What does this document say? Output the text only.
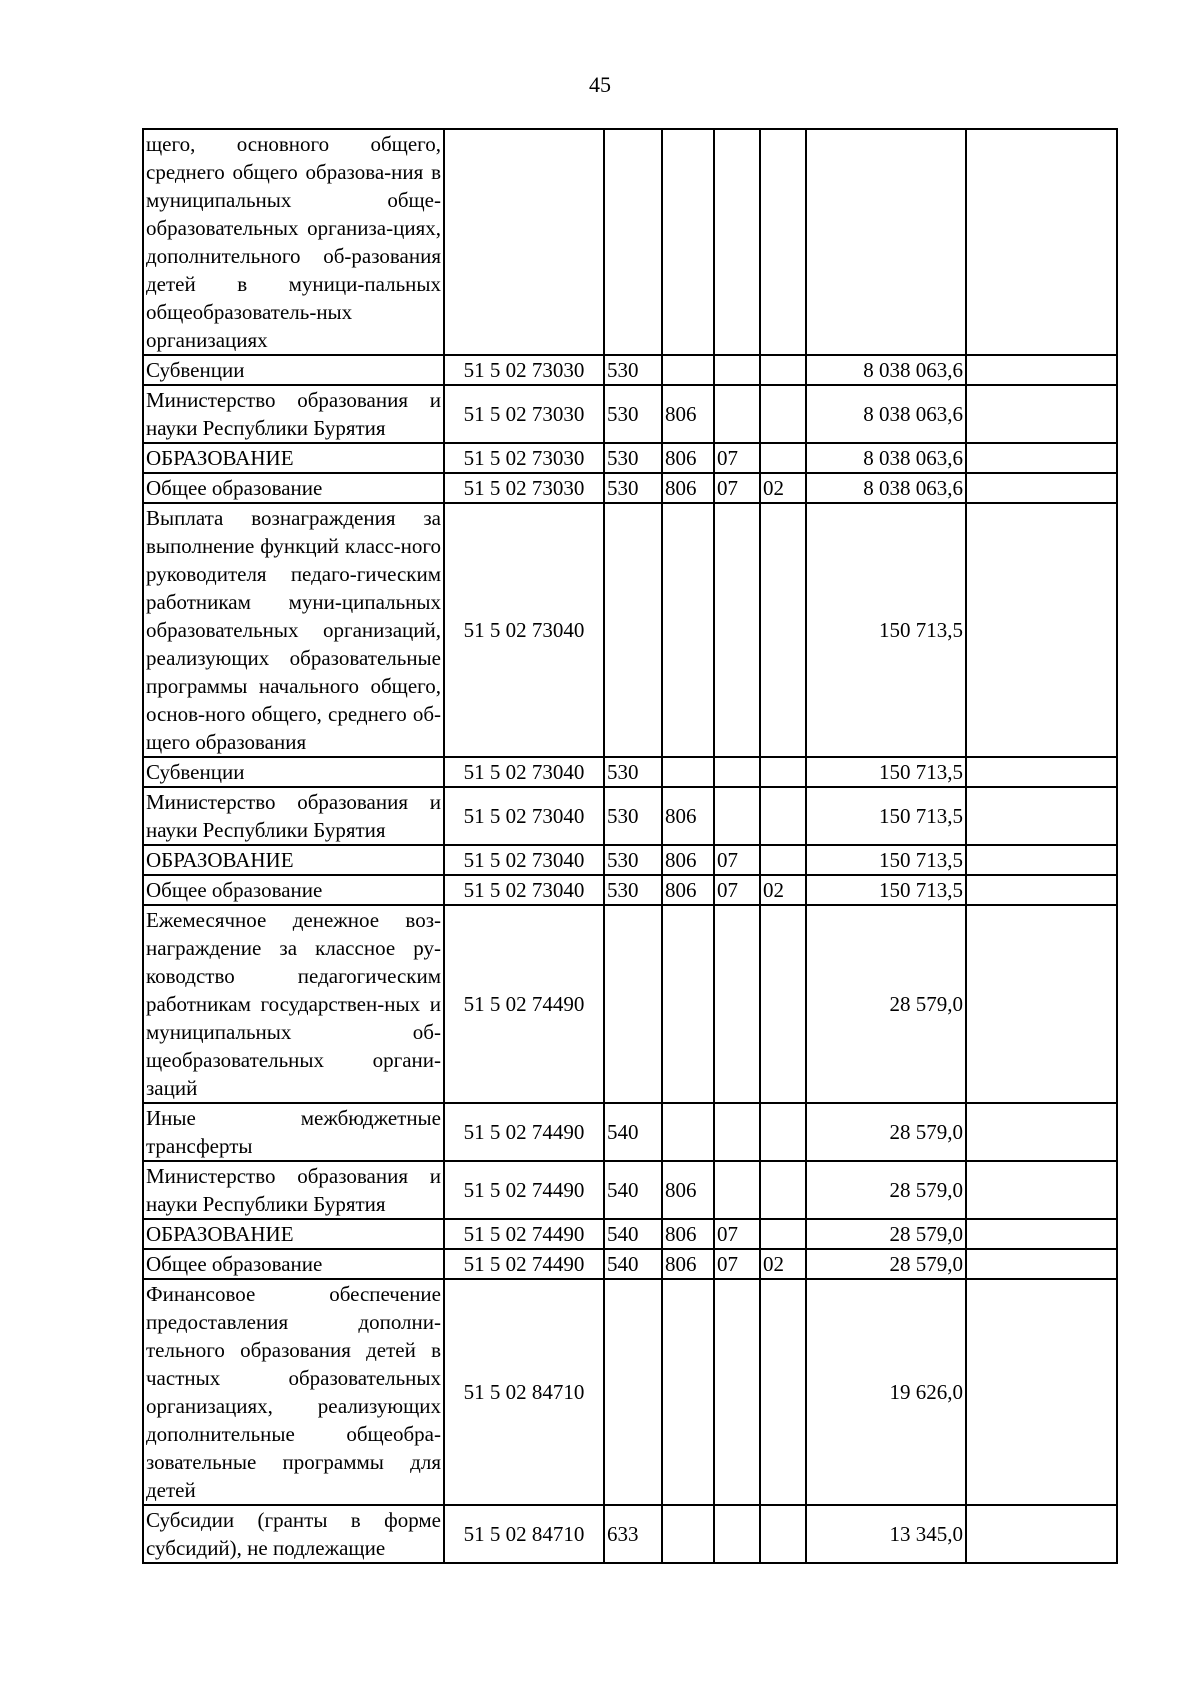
45
щего, основного общего, среднего общего образова-ния в муниципальных обще-образовательных организа-циях, дополнительного об-разования детей в муници-пальных общеобразователь-ных организациях							
Субвенции	51 5 02 73030	530				8 038 063,6	
Министерство образования и науки Республики Бурятия	51 5 02 73030	530	806			8 038 063,6	
ОБРАЗОВАНИЕ	51 5 02 73030	530	806	07		8 038 063,6	
Общее образование	51 5 02 73030	530	806	07	02	8 038 063,6	
Выплата вознаграждения за выполнение функций класс-ного руководителя педаго-гическим работникам муни-ципальных образовательных организаций, реализующих образовательные программы начального общего, основ-ного общего, среднего об-щего образования	51 5 02 73040					150 713,5	
Субвенции	51 5 02 73040	530				150 713,5	
Министерство образования и науки Республики Бурятия	51 5 02 73040	530	806			150 713,5	
ОБРАЗОВАНИЕ	51 5 02 73040	530	806	07		150 713,5	
Общее образование	51 5 02 73040	530	806	07	02	150 713,5	
Ежемесячное денежное воз-награждение за классное ру-ководство педагогическим работникам государствен-ных и муниципальных об-щеобразовательных органи-заций	51 5 02 74490					28 579,0	
Иные межбюджетные трансферты	51 5 02 74490	540				28 579,0	
Министерство образования и науки Республики Бурятия	51 5 02 74490	540	806			28 579,0	
ОБРАЗОВАНИЕ	51 5 02 74490	540	806	07		28 579,0	
Общее образование	51 5 02 74490	540	806	07	02	28 579,0	
Финансовое обеспечение предоставления дополни-тельного образования детей в частных образовательных организациях, реализующих дополнительные общеобра-зовательные программы для детей	51 5 02 84710					19 626,0	
Субсидии (гранты в форме субсидий), не подлежащие	51 5 02 84710	633				13 345,0	
